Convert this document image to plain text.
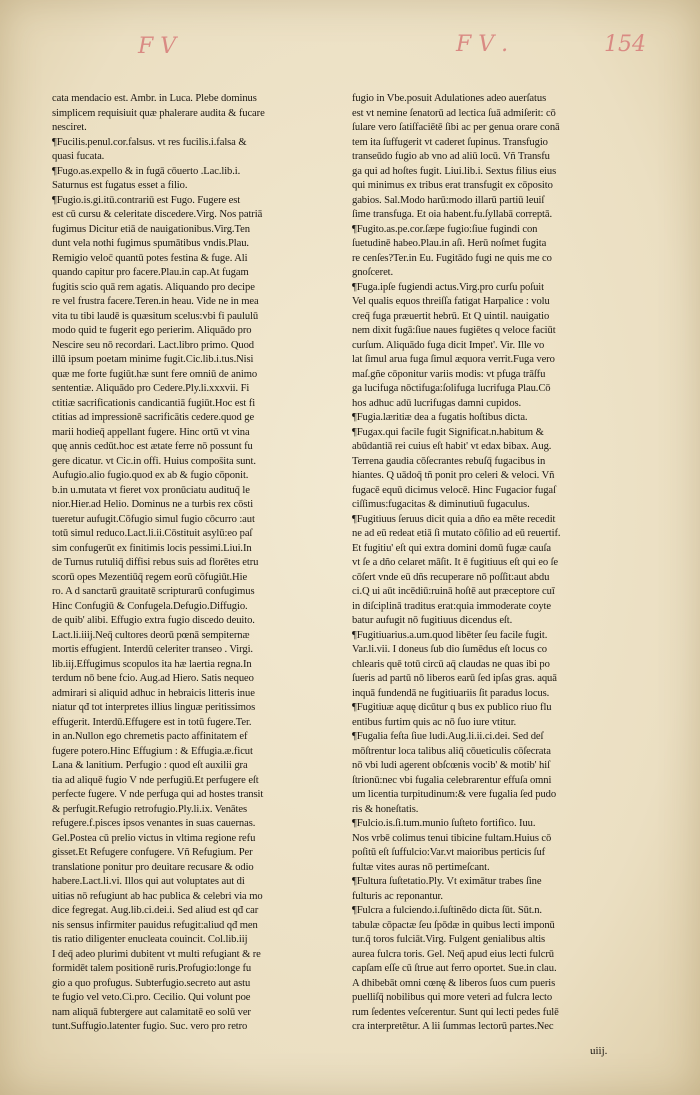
F V	F V .	154

cata mendacio est. Ambr. in Luca. Plebe dominus

simplicem requisiuit quæ phalerare audita & fucare

nesciret.

¶Fucilis.penul.cor.falsus. vt res fucilis.i.falsa &

quasi fucata.

¶Fugo.as.expello & in fugā cōuerto .Lac.lib.i.

Saturnus est fugatus esset a filio.

¶Fugio.is.gi.itū.contrariū est Fugo. Fugere est

est cū cursu & celeritate discedere.Virg. Nos patriā

fugimus Dicitur etiā de nauigationibus.Virg.Ten

dunt vela nothi fugimus spumātibus vndis.Plau.

Remigio veloc̄ quantū potes festina & fuge. Ali

quando capitur pro facere.Plau.in cap.At fugam

fugitis scio quā rem agatis. Aliquando pro decipe

re vel frustra facere.Teren.in heau. Vide ne in mea

vita tu tibi laudē is quæsitum scelus:vbi fi paululū

modo quid te fugerit ego perierim. Aliquādo pro

Nescire seu nō recordari. Lact.libro primo. Quod

illū ipsum poetam minime fugit.Cic.lib.i.tus.Nisi

quæ me forte fugiūt.hæ sunt fere omniū de animo

sententiæ. Aliquādo pro Cedere.Ply.li.xxxvii. Fi

ctitiæ sacrificationis candicantiā fugiūt.Hoc est fi

ctitias ad impressionē sacrificātis cedere.quod ge

marii hodieq̄ appellant fugere. Hinc ortū vt vina

quę annis cedūt.hoc est ætate ferre nō possunt fu

gere dicatur. vt Cic.in offi. Huius compos̄ita sunt.

Aufugio.alio fugio.quod ex ab & fugio cōponit.

b.in u.mutata vt fieret vox pronūciatu audituq̄ le

nior.Hier.ad Helio. Dominus ne a turbis rex cōsti

tueretur aufugit.Cōfugio simul fugio cōcurro :aut

totū simul reduco.Lact.li.ii.Cōstituit asylū:eo paſ

sim confugerūt ex finitimis locis pessimi.Liui.In

de Turnus rutuliq̄ diffisi rebus suis ad florētes etru

scorū opes Mezentiūq̄ regem eorū cōfugiūt.Hie

ro. A d sanctarū grauitatē scripturarū confugimus

Hinc Confugiū & Confugela.Defugio.Diffugio.

de quib' alibi. Effugio extra fugio discedo deuito.

Lact.li.iiij.Neq̄ cultores deorū pœnā sempiternæ

mortis effugient. Interdū celeriter transeo . Virgi.

lib.iij.Effugimus scopulos ita hæ laertia regna.In

terdum nō bene fcio. Aug.ad Hiero. Satis nequeo

admirari si aliquid adhuc in hebraicis litteris inue

niatur qđ tot interpretes illius linguæ peritissimos

effugerit. Interdū.Effugere est in totū fugere.Ter.

in an.Nullon ego chremetis pacto affinitatem ef

fugere potero.Hinc Effugium : & Effugia.æ.ficut

Lana & lanitium. Perfugio : quod eſt auxilii gra

tia ad aliquē fugio V nde perfugiū.Et perfugere eſt

perfecte fugere. V nde perfuga qui ad hostes transit

& perfugit.Refugio retrofugio.Ply.li.ix. Venātes

refugere.f.pisces ipsos venantes in suas cauernas.

Gel.Postea cū prelio victus in vltima regione refu

gisset.Et Refugere confugere. Vñ Refugium. Per

translatione ponitur pro deuitare recusare & odio

habere.Lact.li.vi. Illos qui aut voluptates aut di

uitias nō refugiunt ab hac publica & celebri via mo

dice fegregat. Aug.lib.ci.dei.i. Sed aliud est qđ car

nis sensus infirmiter pauidus refugit:aliud qđ men

tis ratio diligenter enucleata couincit. Col.lib.iij

I deq̄ adeo plurimi dubitent vt multi refugiant & re

formidēt talem positionē ruris.Profugio:longe fu

gio a quo profugus. Subterfugio.secreto aut astu

te fugio vel veto.Ci.pro. Cecilio. Qui volunt poe

nam aliquā fubtergere aut calamitatē eo solū ver

tunt.Suffugio.latenter fugio. Suc. vero pro retro

fugio in Vbe.posuit Adulationes adeo auerſatus

est vt nemine ſenatorū ad lectica ſuā admiſerit: cō

ſulare vero ſatiſfaciētē ſibi ac per genua orare conā

tem ita ſuffugerit vt caderet ſupinus. Transfugio

transeūdo fugio ab vno ad aliū locū. Vñ Transfu

ga qui ad hoſtes fugit. Liui.lib.i. Sextus filius eius

qui minimus ex tribus erat transfugit ex cōposito

gabios. Sal.Modo harū:modo illarū partiū leuiſ

ſime transfuga. Et oia habent.fu.ſyllabā correptā.

¶Fugito.as.pe.cor.ſæpe fugio:ſiue fugindi con

ſuetudinē habeo.Plau.in aſi. Herū noſmet fugita

re cenſes?Ter.in Eu. Fugitādo fugi ne quis me co

gnoſceret.

¶Fuga.ipſe fugiendi actus.Virg.pro curſu poſuit

Vel qualis equos threiſſa fatigat Harpalice : volu

creq̄ fuga præuertit hebrū. Et Q uintil. nauigatio

nem dixit fugā:ſiue naues fugiētes q veloce faciūt

curſum. Aliquādo fuga dicit Impet'. Vir. Ille vo

lat ſimul arua fuga ſimul æquora verrit.Fuga vero

maſ.gñe cōponitur variis modis: vt pfuga trāſfu

ga lucifuga nōctifuga:ſolifuga lucrifuga Plau.Cō

hos adhuc adū lucrifugas damni cupidos.

¶Fugia.læritiæ dea a fugatis hoſtibus dicta.

¶Fugax.qui facile fugit Significat.n.habitum &

abūdantiā rei cuius eſt habit' vt edax bibax. Aug.

Terrena gaudia cōſecrantes rebuſq̄ fugacibus in

hiantes. Q uādoq̄ tñ ponit pro celeri & veloci. Vñ

fugacē equū dicimus velocē. Hinc Fugacior fugaſ

ciſſimus:fugacitas & diminutiuū fugaculus.

¶Fugitiuus ſeruus dicit quia a dño ea mēte recedit

ne ad eū redeat etiā ſi mutato cōſilio ad eū reuertif.

Et fugitiu' eſt qui extra domini domū fugæ cauſa

vt ſe a dño celaret māſit. It ē fugitiuus eſt qui eo ſe

cōſert vnde eū dñs recuperare nō poſſit:aut abdu

ci.Q ui aūt incēdiū:ruinā hoſtē aut præceptore cuī

in diſciplinā traditus erat:quia immoderate coyte

batur aufugit nō fugitiuus dicendus eſt.

¶Fugitiuarius.a.um.quod libēter ſeu facile fugit.

Var.li.vii. I doneus ſub dio ſumēdus eſt locus co

chlearis quē totū circū aq̄ claudas ne quas ibi po

ſueris ad partū nō liberos earū ſed ipſas gras. aquā

inquā fundendā ne fugitiuariis ſit paradus locus.

¶Fugitiuæ aquę dicūtur q bus ex publico riuo flu

entibus furtim quis ac nō ſuo iure vtitur.

¶Fugalia feſta ſiue ludi.Aug.li.ii.ci.dei. Sed deſ

mōſtrentur loca talibus aliq̄ cōueticulis cōſecrata

nō vbi ludi agerent obſcœnis vocib' & motib' hiſ

ſtrionū:nec vbi fugalia celebrarentur effuſa omni

um licentia turpitudinum:& vere fugalia ſed pudo

ris & honeſtatis.

¶Fulcio.is.ſi.tum.munio ſuſteto fortifico. Iuu.

Nos vrbē colimus tenui tibicine fultam.Huius cō

poſitū eſt ſuffulcio:Var.vt maioribus perticis ſuf

fultæ vites auras nō pertimeſcant.

¶Fultura ſuſtetatio.Ply. Vt eximātur trabes ſine

fulturis ac reponantur.

¶Fulcra a fulciendo.i.ſuſtinēdo dicta ſūt. Sūt.n.

tabulæ cōpactæ ſeu ſpōdæ in quibus lecti imponū

tur.q̄ toros fulciāt.Virg. Fulgent genialibus altis

aurea fulcra toris. Gel. Neq̄ apud eius lecti fulcrū

capſam eſſe cū ſtrue aut ferro oportet. Sue.in clau.

A dhibebāt omni cœnę & liberos ſuos cum pueris

puelliſq̄ nobilibus qui more veteri ad fulcra lecto

rum ſedentes veſcerentur. Sunt qui lecti pedes fulē

cra interpretētur. A lii ſummas lectorū partes.Nec

uiij.
